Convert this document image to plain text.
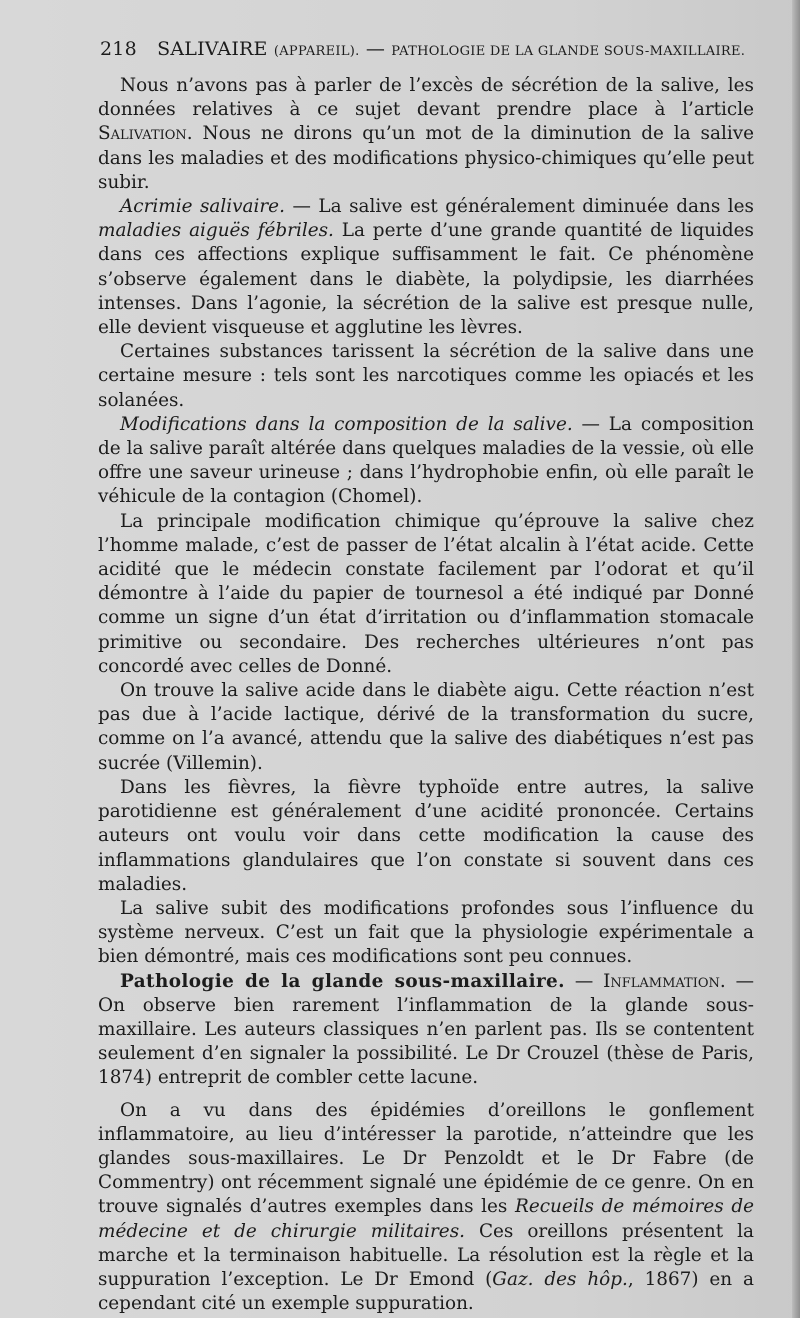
218 SALIVAIRE (APPAREIL). — PATHOLOGIE DE LA GLANDE SOUS-MAXILLAIRE.

Nous n’avons pas à parler de l’excès de sécrétion de la salive, les données relatives à ce sujet devant prendre place à l’article Salivation. Nous ne dirons qu’un mot de la diminution de la salive dans les maladies et des modifications physico-chimiques qu’elle peut subir.

Acrimie salivaire. — La salive est généralement diminuée dans les maladies aiguës fébriles. La perte d’une grande quantité de liquides dans ces affections explique suffisamment le fait. Ce phénomène s’observe également dans le diabète, la polydipsie, les diarrhées intenses. Dans l’agonie, la sécrétion de la salive est presque nulle, elle devient visqueuse et agglutine les lèvres.

Certaines substances tarissent la sécrétion de la salive dans une certaine mesure : tels sont les narcotiques comme les opiacés et les solanées.

Modifications dans la composition de la salive. — La composition de la salive paraît altérée dans quelques maladies de la vessie, où elle offre une saveur urineuse ; dans l’hydrophobie enfin, où elle paraît le véhicule de la contagion (Chomel).

La principale modification chimique qu’éprouve la salive chez l’homme malade, c’est de passer de l’état alcalin à l’état acide. Cette acidité que le médecin constate facilement par l’odorat et qu’il démontre à l’aide du papier de tournesol a été indiqué par Donné comme un signe d’un état d’irritation ou d’inflammation stomacale primitive ou secondaire. Des recherches ultérieures n’ont pas concordé avec celles de Donné.

On trouve la salive acide dans le diabète aigu. Cette réaction n’est pas due à l’acide lactique, dérivé de la transformation du sucre, comme on l’a avancé, attendu que la salive des diabétiques n’est pas sucrée (Villemin).

Dans les fièvres, la fièvre typhoïde entre autres, la salive parotidienne est généralement d’une acidité prononcée. Certains auteurs ont voulu voir dans cette modification la cause des inflammations glandulaires que l’on constate si souvent dans ces maladies.

La salive subit des modifications profondes sous l’influence du système nerveux. C’est un fait que la physiologie expérimentale a bien démontré, mais ces modifications sont peu connues.

Pathologie de la glande sous-maxillaire. — Inflammation. — On observe bien rarement l’inflammation de la glande sous-maxillaire. Les auteurs classiques n’en parlent pas. Ils se contentent seulement d’en signaler la possibilité. Le Dr Crouzel (thèse de Paris, 1874) entreprit de combler cette lacune.

On a vu dans des épidémies d’oreillons le gonflement inflammatoire, au lieu d’intéresser la parotide, n’atteindre que les glandes sous-maxillaires. Le Dr Penzoldt et le Dr Fabre (de Commentry) ont récemment signalé une épidémie de ce genre. On en trouve signalés d’autres exemples dans les Recueils de mémoires de médecine et de chirurgie militaires. Ces oreillons présentent la marche et la terminaison habituelle. La résolution est la règle et la suppuration l’exception. Le Dr Emond (Gaz. des hôp., 1867) en a cependant cité un exemple suppuration.
